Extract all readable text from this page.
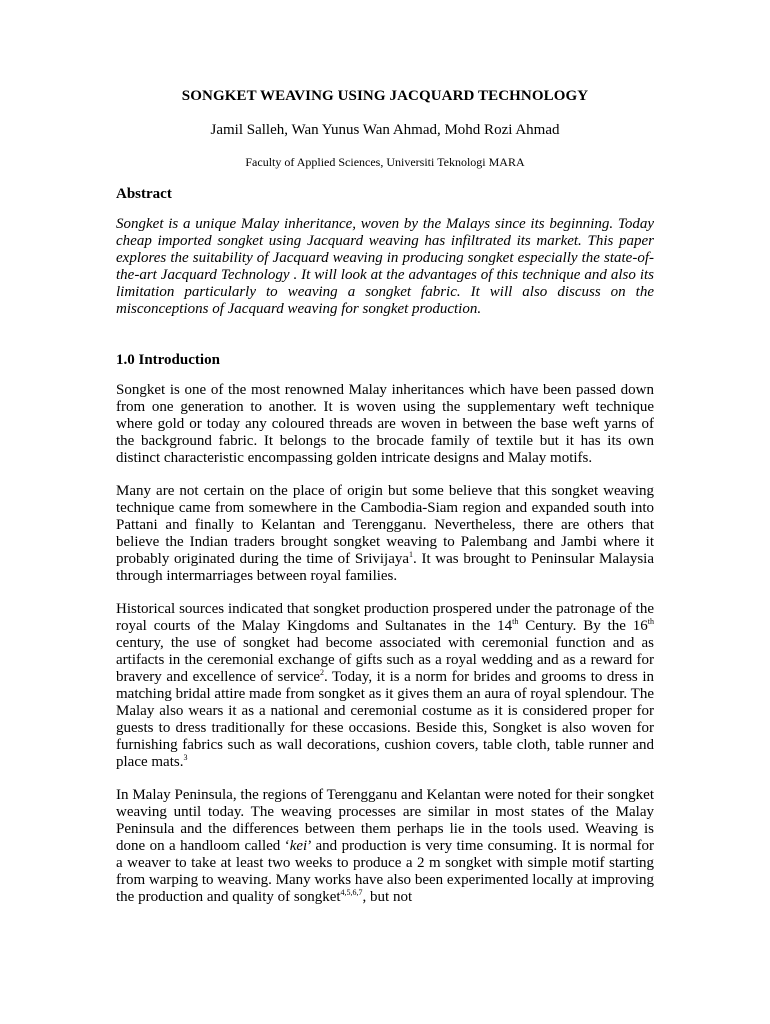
SONGKET WEAVING USING JACQUARD TECHNOLOGY
Jamil Salleh, Wan Yunus Wan Ahmad, Mohd Rozi Ahmad
Faculty of Applied Sciences, Universiti Teknologi MARA
Abstract
Songket is a unique Malay inheritance, woven by the Malays since its beginning. Today cheap imported songket using Jacquard weaving has infiltrated its market. This paper explores the suitability of Jacquard weaving in producing songket especially the state-of-the-art Jacquard Technology . It will look at the advantages of this technique and also its limitation particularly to weaving a songket fabric. It will also discuss on the misconceptions of Jacquard weaving for songket production.
1.0 Introduction
Songket is one of the most renowned Malay inheritances which have been passed down from one generation to another. It is woven using the supplementary weft technique where gold or today any coloured threads are woven in between the base weft yarns of the background fabric. It belongs to the brocade family of textile but it has its own distinct characteristic encompassing golden intricate designs and Malay motifs.
Many are not certain on the place of origin but some believe that this songket weaving technique came from somewhere in the Cambodia-Siam region and expanded south into Pattani and finally to Kelantan and Terengganu. Nevertheless, there are others that believe the Indian traders brought songket weaving to Palembang and Jambi where it probably originated during the time of Srivijaya$^1$. It was brought to Peninsular Malaysia through intermarriages between royal families.
Historical sources indicated that songket production prospered under the patronage of the royal courts of the Malay Kingdoms and Sultanates in the 14th Century. By the 16th century, the use of songket had become associated with ceremonial function and as artifacts in the ceremonial exchange of gifts such as a royal wedding and as a reward for bravery and excellence of service$^2$. Today, it is a norm for brides and grooms to dress in matching bridal attire made from songket as it gives them an aura of royal splendour. The Malay also wears it as a national and ceremonial costume as it is considered proper for guests to dress traditionally for these occasions. Beside this, Songket is also woven for furnishing fabrics such as wall decorations, cushion covers, table cloth, table runner and place mats.$^3$
In Malay Peninsula, the regions of Terengganu and Kelantan were noted for their songket weaving until today. The weaving processes are similar in most states of the Malay Peninsula and the differences between them perhaps lie in the tools used. Weaving is done on a handloom called ‘kei’ and production is very time consuming. It is normal for a weaver to take at least two weeks to produce a 2 m songket with simple motif starting from warping to weaving. Many works have also been experimented locally at improving the production and quality of songket$^{4,5,6,7}$, but not
